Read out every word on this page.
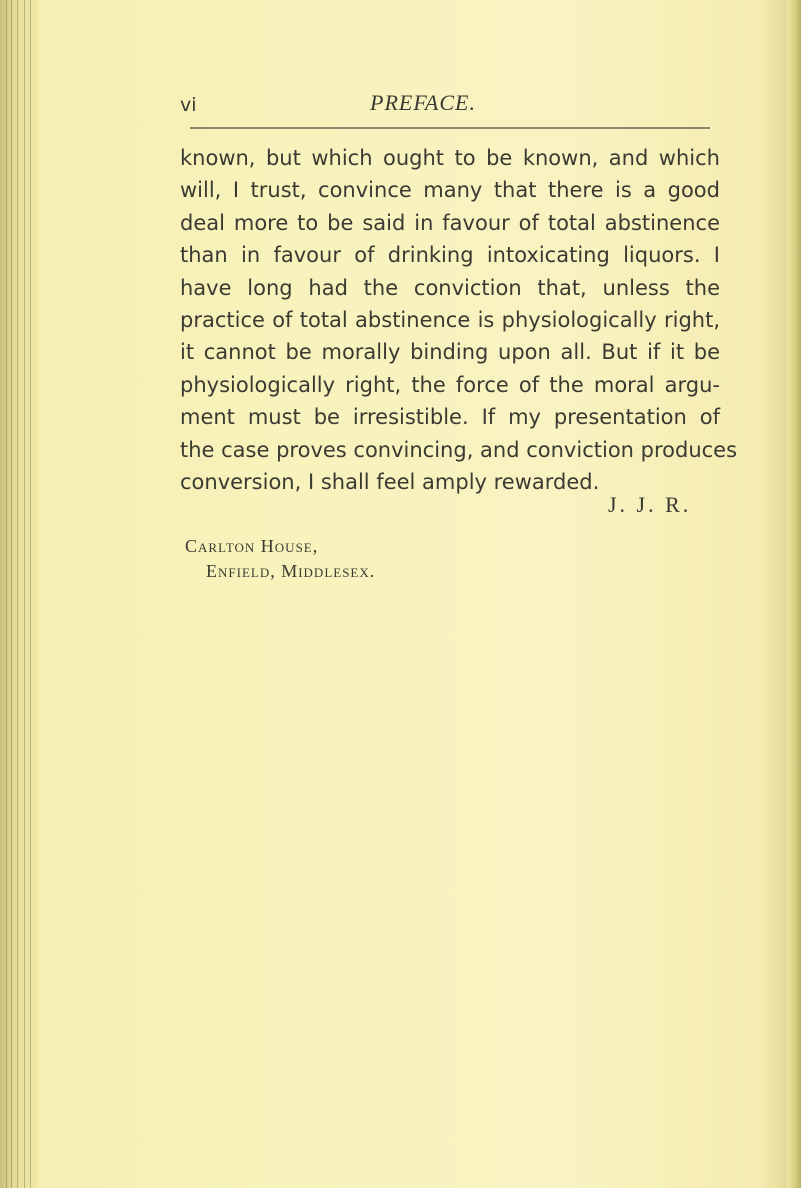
vi	PREFACE.
known, but which ought to be known, and which
will, I trust, convince many that there is a good
deal more to be said in favour of total abstinence
than in favour of drinking intoxicating liquors. I
have long had the conviction that, unless the
practice of total abstinence is physiologically right,
it cannot be morally binding upon all. But if it be
physiologically right, the force of the moral argu-
ment must be irresistible. If my presentation of
the case proves convincing, and conviction produces
conversion, I shall feel amply rewarded.
J. J. R.
Carlton House,
Enfield, Middlesex.
